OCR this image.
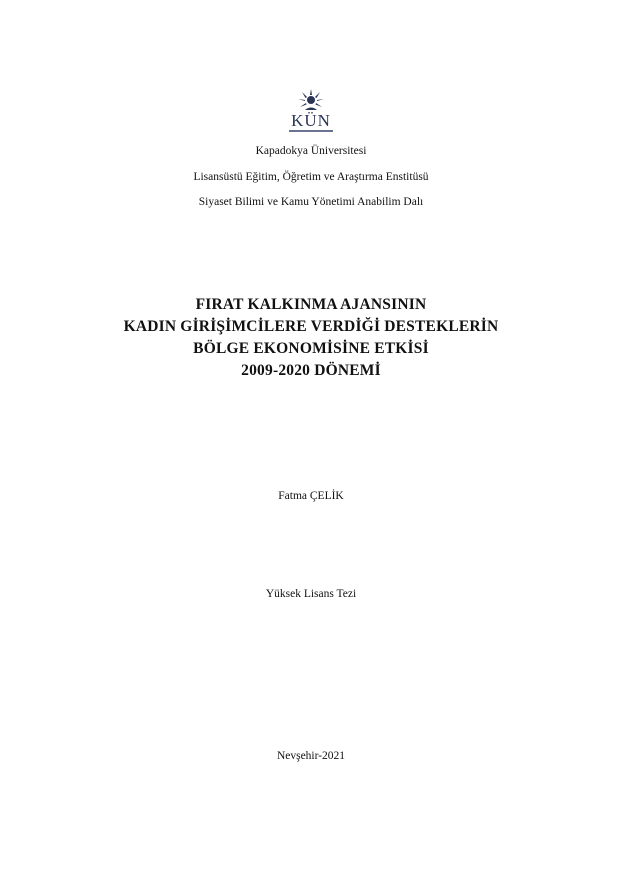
KÜN
Kapadokya Üniversitesi
Lisansüstü Eğitim, Öğretim ve Araştırma Enstitüsü
Siyaset Bilimi ve Kamu Yönetimi Anabilim Dalı
FIRAT KALKINMA AJANSININ
KADIN GİRİŞİMCİLERE VERDİĞİ DESTEKLERİN
BÖLGE EKONOMİSİNE ETKİSİ
2009-2020 DÖNEMİ
Fatma ÇELİK
Yüksek Lisans Tezi
Nevşehir-2021
